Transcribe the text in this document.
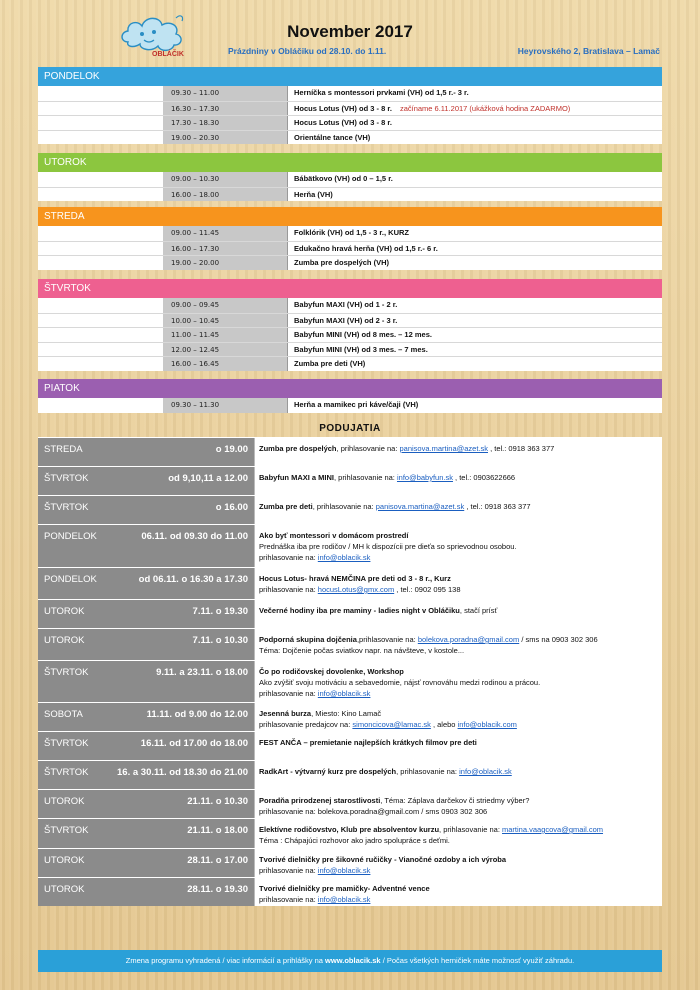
OBLÁČIK
November 2017
Prázdniny v Obláčiku od 28.10. do 1.11.	Heyrovského 2, Bratislava – Lamač
PONDELOK
09.30 – 11.00	Herníčka s montessori prvkami (VH) od 1,5 r.- 3 r.
16.30 – 17.30	Hocus Lotus (VH) od 3 - 8 r. začíname 6.11.2017 (ukážková hodina ZADARMO)
17.30 – 18.30	Hocus Lotus (VH) od 3 - 8 r.
19.00 – 20.30	Orientálne tance (VH)
UTOROK
09.00 – 10.30	Bábätkovo (VH) od 0 – 1,5 r.
16.00 – 18.00	Herňa (VH)
STREDA
09.00 – 11.45	Folklórik (VH) od 1,5 - 3 r., KURZ
16.00 – 17.30	Edukačno hravá herňa (VH) od 1,5 r.- 6 r.
19.00 – 20.00	Zumba pre dospelých (VH)
ŠTVRTOK
09.00 – 09.45	Babyfun MAXI (VH) od 1 - 2 r.
10.00 – 10.45	Babyfun MAXI (VH) od 2 - 3 r.
11.00 – 11.45	Babyfun MINI (VH) od 8 mes. – 12 mes.
12.00 – 12.45	Babyfun MINI (VH) od 3 mes. – 7 mes.
16.00 – 16.45	Zumba pre deti (VH)
PIATOK
09.30 – 11.30	Herňa a mamikec pri káve/čaji (VH)
PODUJATIA
STREDA	o 19.00 Zumba pre dospelých, prihlasovanie na: panisova.martina@azet.sk , tel.: 0918 363 377
ŠTVRTOK	od 9,10,11 a 12.00 Babyfun MAXI a MINI, prihlasovanie na: info@babyfun.sk , tel.: 0903622666
ŠTVRTOK	o 16.00 Zumba pre deti, prihlasovanie na: panisova.martina@azet.sk , tel.: 0918 363 377
PONDELOK	06.11. od 09.30 do 11.00 Ako byť montessori v domácom prostredí
Prednáška iba pre rodičov / MH k dispozícii pre dieťa so sprievodnou osobou.
prihlasovanie na: info@oblacik.sk
PONDELOK	od 06.11. o 16.30 a 17.30 Hocus Lotus- hravá NEMČINA pre deti od 3 - 8 r., Kurz
prihlasovanie na: hocusLotus@gmx.com , tel.: 0902 095 138
UTOROK	7.11. o 19.30 Večerné hodiny iba pre maminy - ladies night v Obláčiku, stačí prísť
UTOROK	7.11. o 10.30 Podporná skupina dojčenia,prihlasovanie na: bolekova.poradna@gmail.com / sms na 0903 302 306
Téma: Dojčenie počas sviatkov napr. na návšteve, v kostole...
ŠTVRTOK	9.11. a 23.11. o 18.00 Čo po rodičovskej dovolenke, Workshop
Ako zvýšiť svoju motiváciu a sebavedomie, nájsť rovnováhu medzi rodinou a prácou.
prihlasovanie na: info@oblacik.sk
SOBOTA	11.11. od 9.00 do 12.00 Jesenná burza, Miesto: Kino Lamač
prihlasovanie predajcov na: simoncicova@lamac.sk , alebo info@oblacik.com
ŠTVRTOK	16.11. od 17.00 do 18.00 FEST ANČA – premietanie najlepších krátkych filmov pre deti
ŠTVRTOK	16. a 30.11. od 18.30 do 21.00 RadkArt - výtvarný kurz pre dospelých, prihlasovanie na: info@oblacik.sk
UTOROK	21.11. o 10.30 Poradňa prirodzenej starostlivosti, Téma: Záplava darčekov či striedmy výber?
prihlasovanie na: bolekova.poradna@gmail.com / sms 0903 302 306
ŠTVRTOK	21.11. o 18.00 Elektívne rodičovstvo, Klub pre absolventov kurzu, prihlasovanie na: martina.vaagcova@gmail.com
Téma : Chápajúci rozhovor ako jadro spolupráce s deťmi.
UTOROK	28.11. o 17.00 Tvorivé dielničky pre šikovné ručičky - Vianočné ozdoby a ich výroba
prihlasovanie na: info@oblacik.sk
UTOROK	28.11. o 19.30 Tvorivé dielničky pre mamičky- Adventné vence
prihlasovanie na: info@oblacik.sk
Zmena programu vyhradená / viac informácií a prihlášky na www.oblacik.sk / Počas všetkých herničiek máte možnosť využiť záhradu.
